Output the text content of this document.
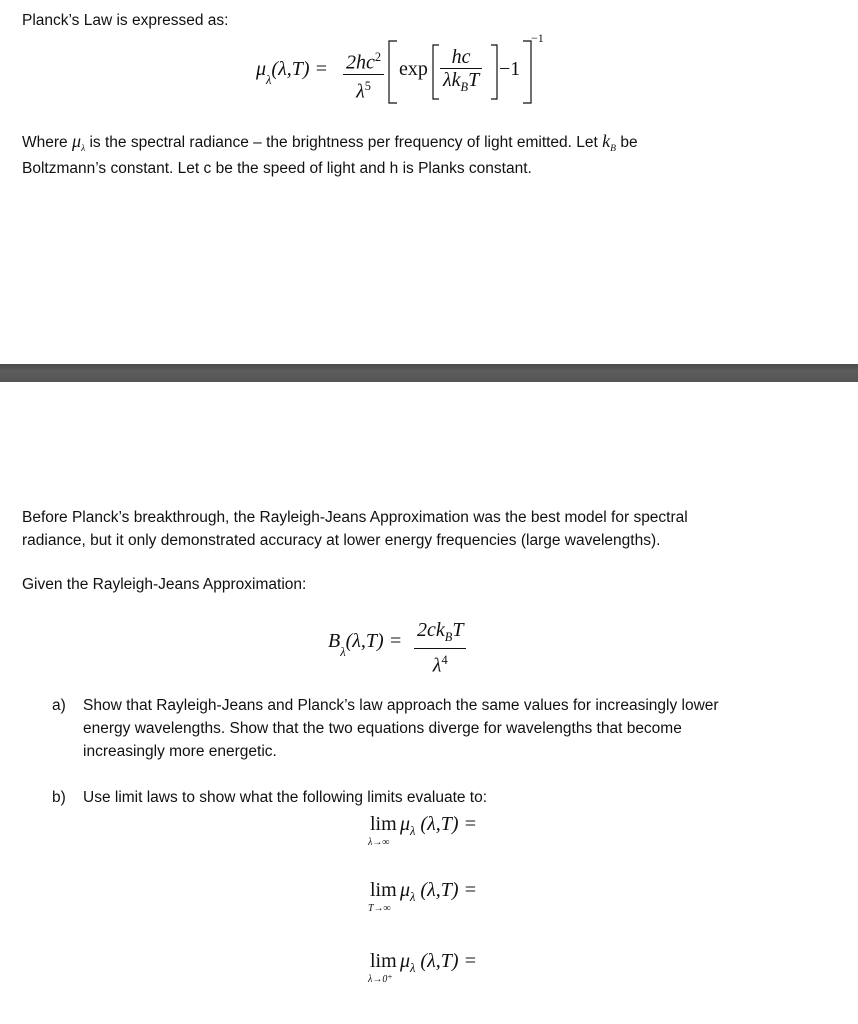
Planck’s Law is expressed as:
$\mu_\lambda(\lambda,T) = \frac{2hc^2}{\lambda^5}$ $\exp \frac{hc}{\lambda k_BT} -1$
−1
Where $\mu_\lambda$ is the spectral radiance – the brightness per frequency of light emitted. Let $k_B$ be
Boltzmann’s constant. Let c be the speed of light and h is Planks constant.
Before Planck’s breakthrough, the Rayleigh-Jeans Approximation was the best model for spectral
radiance, but it only demonstrated accuracy at lower energy frequencies (large wavelengths).
Given the Rayleigh-Jeans Approximation:
$B_\lambda(\lambda,T) = \frac{2ck_BT}{\lambda^4}$
a) Show that Rayleigh-Jeans and Planck’s law approach the same values for increasingly lower
energy wavelengths. Show that the two equations diverge for wavelengths that become
increasingly more energetic.
b) Use limit laws to show what the following limits evaluate to:
lim
λ→∞
$\mu_\lambda$ (λ,T) =
lim
T→∞
$\mu_\lambda$ (λ,T) =
lim
λ→0⁺
$\mu_\lambda$ (λ,T) =
